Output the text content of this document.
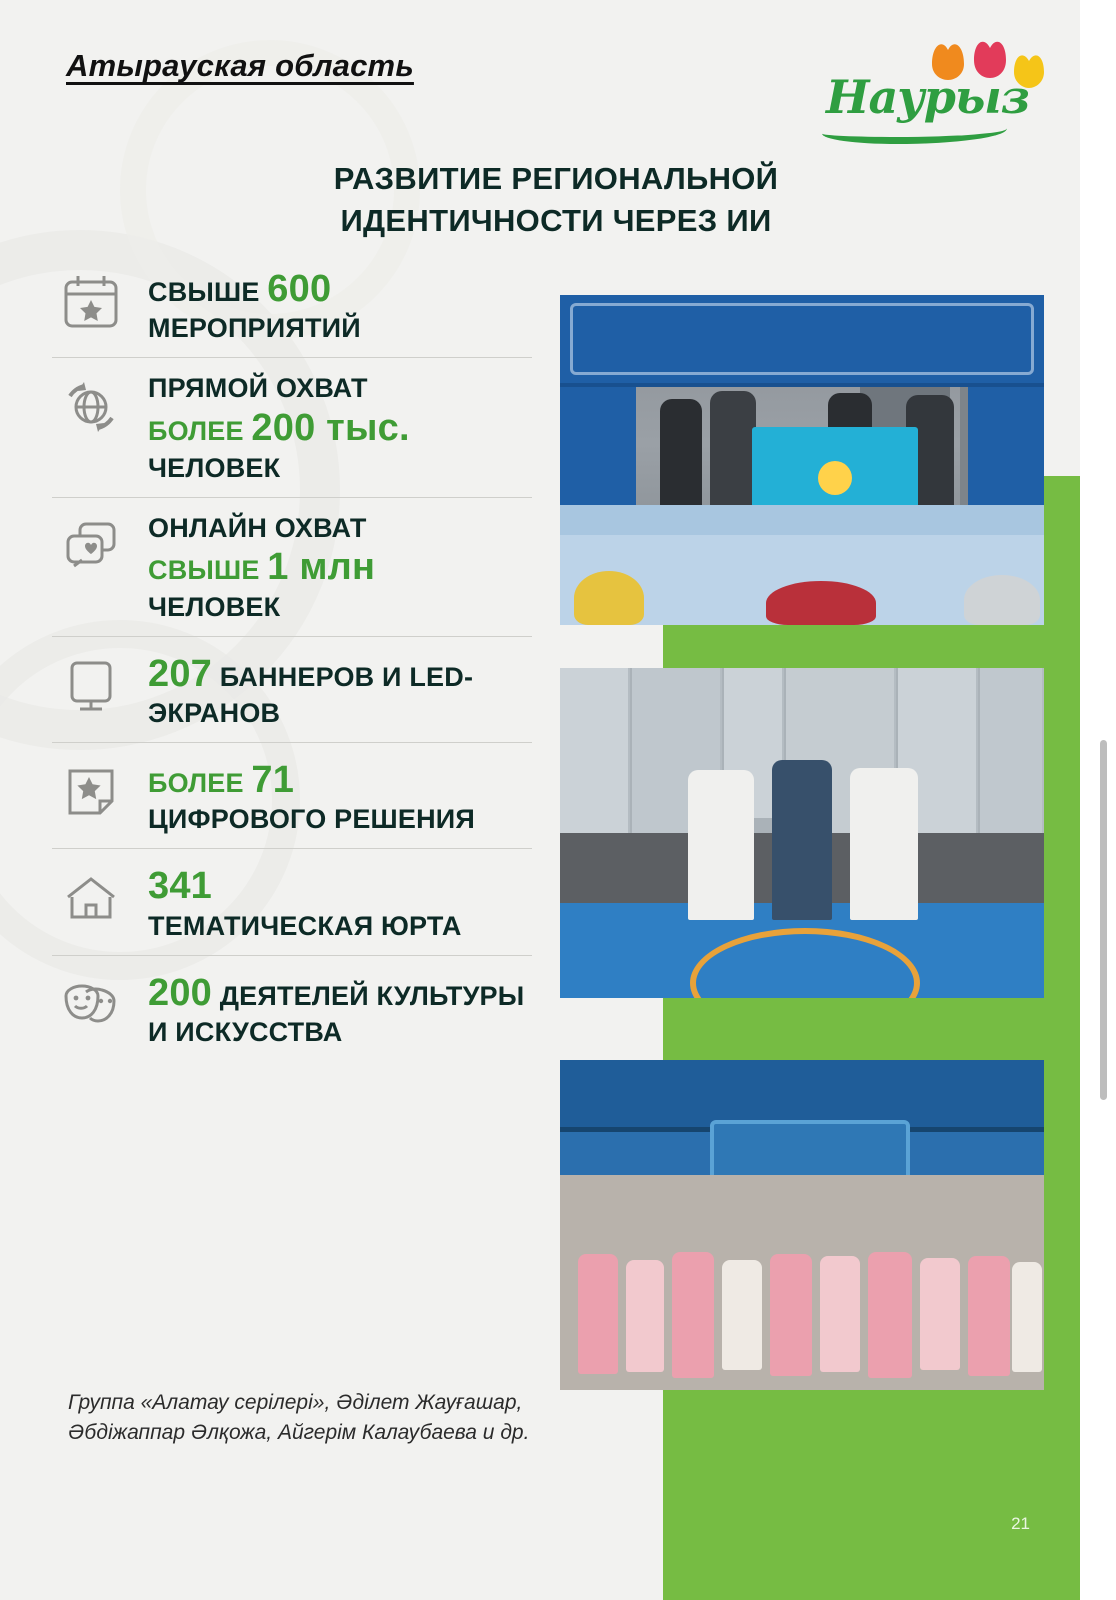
Атырауская область
Наурыз
РАЗВИТИЕ РЕГИОНАЛЬНОЙ
ИДЕНТИЧНОСТИ ЧЕРЕЗ ИИ
СВЫШЕ 600
МЕРОПРИЯТИЙ
ПРЯМОЙ ОХВАТ
БОЛЕЕ 200 тыс.
ЧЕЛОВЕК
ОНЛАЙН ОХВАТ
СВЫШЕ 1 млн
ЧЕЛОВЕК
207 БАННЕРОВ И LED-ЭКРАНОВ
БОЛЕЕ 71
ЦИФРОВОГО РЕШЕНИЯ
341
ТЕМАТИЧЕСКАЯ ЮРТА
200 ДЕЯТЕЛЕЙ КУЛЬТУРЫ И ИСКУССТВА
Группа «Алатау серілері», Әділет Жауғашар, Әбдіжаппар Әлқожа, Айгерім Калаубаева и др.
21
